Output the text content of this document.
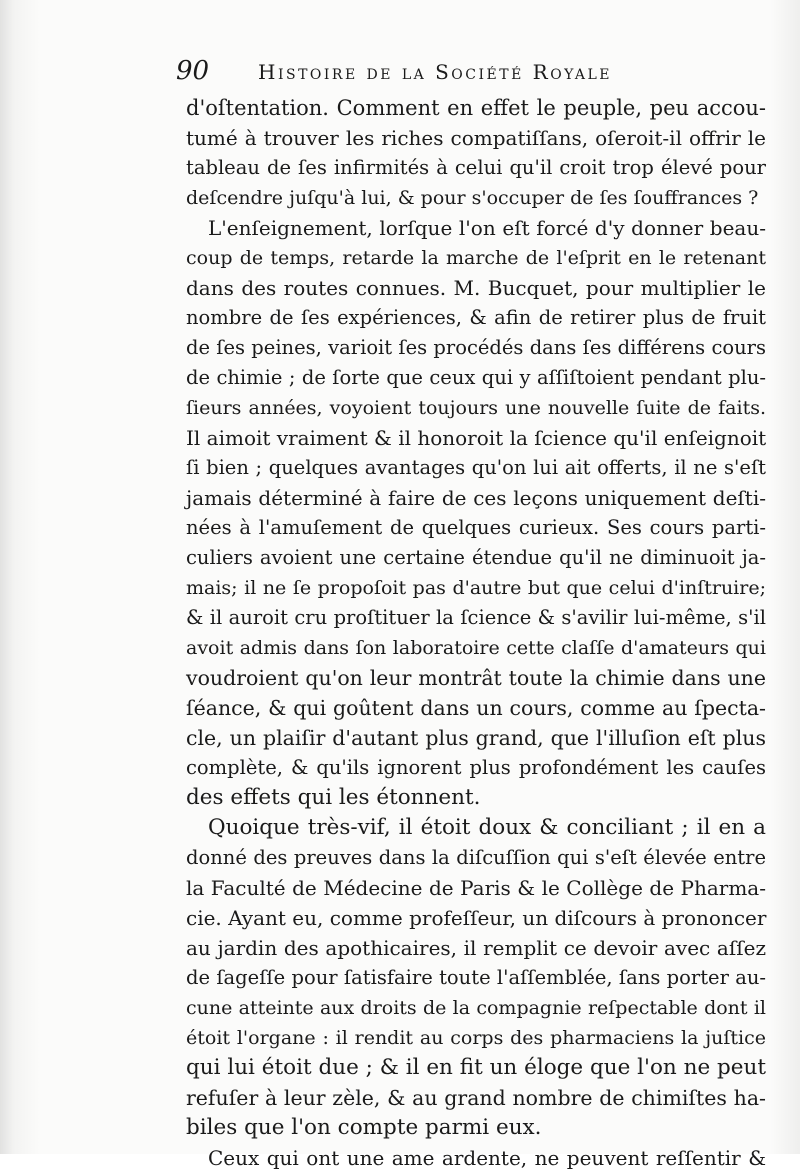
90 Histoire de la Société Royale
d'oſtentation. Comment en effet le peuple, peu accou-
tumé à trouver les riches compatiſſans, oſeroit-il offrir le
tableau de ſes infirmités à celui qu'il croit trop élevé pour
deſcendre juſqu'à lui, & pour s'occuper de ſes ſouffrances ?
L'enſeignement, lorſque l'on eſt forcé d'y donner beau-
coup de temps, retarde la marche de l'eſprit en le retenant
dans des routes connues. M. Bucquet, pour multiplier le
nombre de ſes expériences, & afin de retirer plus de fruit
de ſes peines, varioit ſes procédés dans ſes différens cours
de chimie ; de ſorte que ceux qui y aſſiſtoient pendant plu-
ſieurs années, voyoient toujours une nouvelle ſuite de faits.
Il aimoit vraiment & il honoroit la ſcience qu'il enſeignoit
ſi bien ; quelques avantages qu'on lui ait offerts, il ne s'eſt
jamais déterminé à faire de ces leçons uniquement deſti-
nées à l'amuſement de quelques curieux. Ses cours parti-
culiers avoient une certaine étendue qu'il ne diminuoit ja-
mais; il ne ſe propoſoit pas d'autre but que celui d'inſtruire;
& il auroit cru proſtituer la ſcience & s'avilir lui-même, s'il
avoit admis dans ſon laboratoire cette claſſe d'amateurs qui
voudroient qu'on leur montrât toute la chimie dans une
ſéance, & qui goûtent dans un cours, comme au ſpecta-
cle, un plaiſir d'autant plus grand, que l'illuſion eſt plus
complète, & qu'ils ignorent plus profondément les cauſes
des effets qui les étonnent.
Quoique très-vif, il étoit doux & conciliant ; il en a
donné des preuves dans la diſcuſſion qui s'eſt élevée entre
la Faculté de Médecine de Paris & le Collège de Pharma-
cie. Ayant eu, comme profeſſeur, un diſcours à prononcer
au jardin des apothicaires, il remplit ce devoir avec aſſez
de ſageſſe pour ſatisfaire toute l'aſſemblée, ſans porter au-
cune atteinte aux droits de la compagnie reſpectable dont il
étoit l'organe : il rendit au corps des pharmaciens la juſtice
qui lui étoit due ; & il en fit un éloge que l'on ne peut
refuſer à leur zèle, & au grand nombre de chimiſtes ha-
biles que l'on compte parmi eux.
Ceux qui ont une ame ardente, ne peuvent reſſentir &
